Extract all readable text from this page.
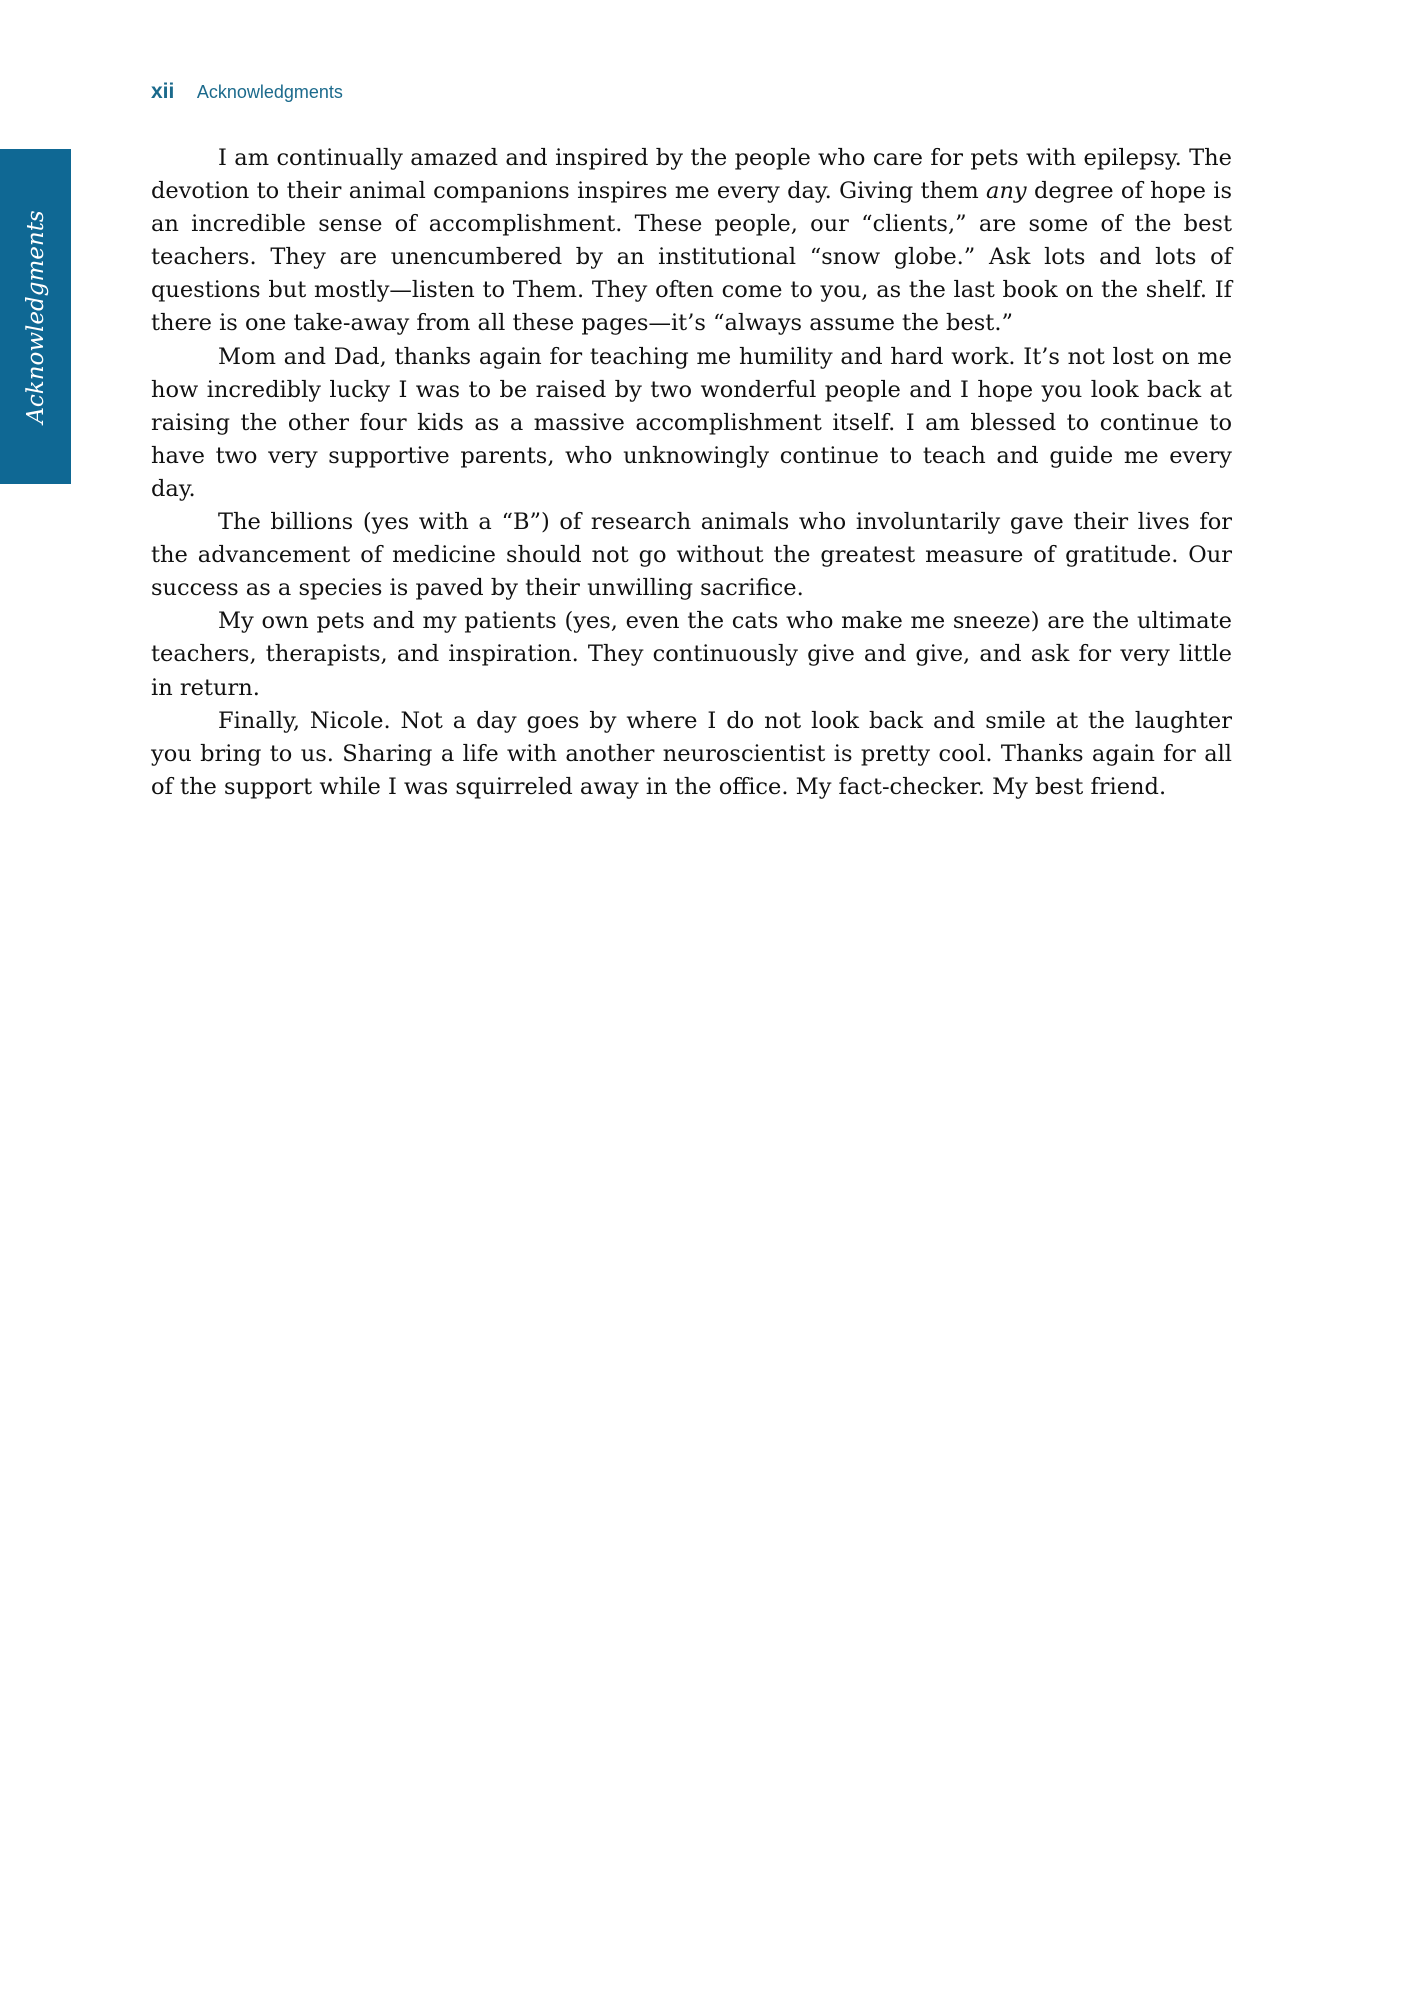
xii Acknowledgments
Acknowledgments

I am continually amazed and inspired by the people who care for pets with epilepsy. The devotion to their animal companions inspires me every day. Giving them any degree of hope is an incredible sense of accomplishment. These people, our “clients,” are some of the best teachers. They are unencumbered by an institutional “snow globe.” Ask lots and lots of questions but mostly—listen to Them. They often come to you, as the last book on the shelf. If there is one take-away from all these pages—it’s “always assume the best.”

Mom and Dad, thanks again for teaching me humility and hard work. It’s not lost on me how incredibly lucky I was to be raised by two wonderful people and I hope you look back at raising the other four kids as a massive accomplishment itself. I am blessed to continue to have two very supportive parents, who unknowingly continue to teach and guide me every day.

The billions (yes with a “B”) of research animals who involuntarily gave their lives for the advancement of medicine should not go without the greatest measure of gratitude. Our success as a species is paved by their unwilling sacrifice.

My own pets and my patients (yes, even the cats who make me sneeze) are the ultimate teachers, therapists, and inspiration. They continuously give and give, and ask for very little in return.

Finally, Nicole. Not a day goes by where I do not look back and smile at the laughter you bring to us. Sharing a life with another neuroscientist is pretty cool. Thanks again for all of the support while I was squirreled away in the office. My fact-checker. My best friend.
